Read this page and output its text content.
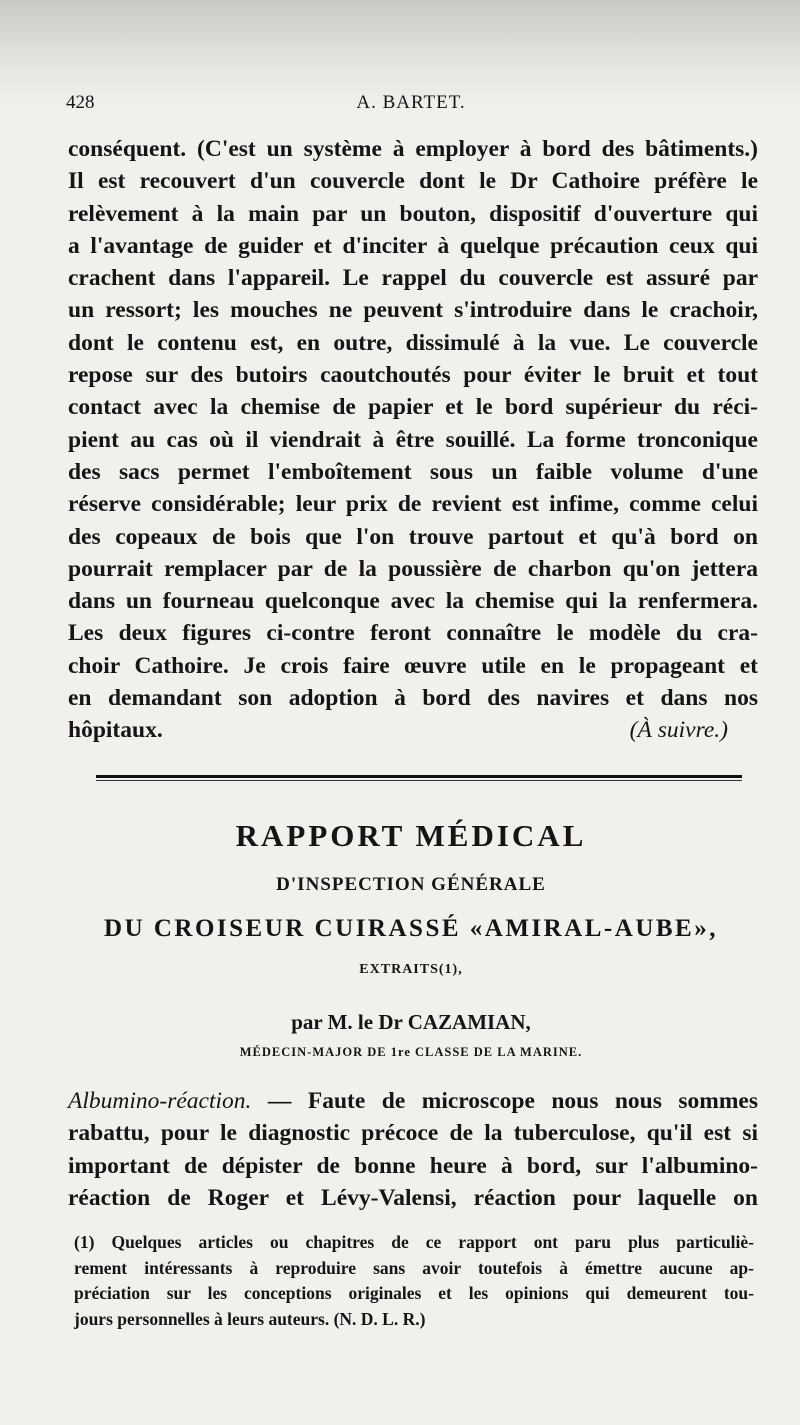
428	A. BARTET.
conséquent. (C'est un système à employer à bord des bâtiments.)
Il est recouvert d'un couvercle dont le Dr Cathoire préfère le
relèvement à la main par un bouton, dispositif d'ouverture qui
a l'avantage de guider et d'inciter à quelque précaution ceux qui
crachent dans l'appareil. Le rappel du couvercle est assuré par
un ressort; les mouches ne peuvent s'introduire dans le crachoir,
dont le contenu est, en outre, dissimulé à la vue. Le couvercle
repose sur des butoirs caoutchoutés pour éviter le bruit et tout
contact avec la chemise de papier et le bord supérieur du réci-
pient au cas où il viendrait à être souillé. La forme tronconique
des sacs permet l'emboîtement sous un faible volume d'une
réserve considérable; leur prix de revient est infime, comme celui
des copeaux de bois que l'on trouve partout et qu'à bord on
pourrait remplacer par de la poussière de charbon qu'on jettera
dans un fourneau quelconque avec la chemise qui la renfermera.
Les deux figures ci-contre feront connaître le modèle du cra-
choir Cathoire. Je crois faire œuvre utile en le propageant et
en demandant son adoption à bord des navires et dans nos
hôpitaux.	(À suivre.)
RAPPORT MÉDICAL
D'INSPECTION GÉNÉRALE
DU CROISEUR CUIRASSÉ «AMIRAL-AUBE»,
EXTRAITS(1),
par M. le Dr CAZAMIAN,
MÉDECIN-MAJOR DE 1re CLASSE DE LA MARINE.
Albumino-réaction. — Faute de microscope nous nous sommes
rabattu, pour le diagnostic précoce de la tuberculose, qu'il est si
important de dépister de bonne heure à bord, sur l'albumino-
réaction de Roger et Lévy-Valensi, réaction pour laquelle on
(1) Quelques articles ou chapitres de ce rapport ont paru plus particuliè-
rement intéressants à reproduire sans avoir toutefois à émettre aucune ap-
préciation sur les conceptions originales et les opinions qui demeurent tou-
jours personnelles à leurs auteurs. (N. D. L. R.)
